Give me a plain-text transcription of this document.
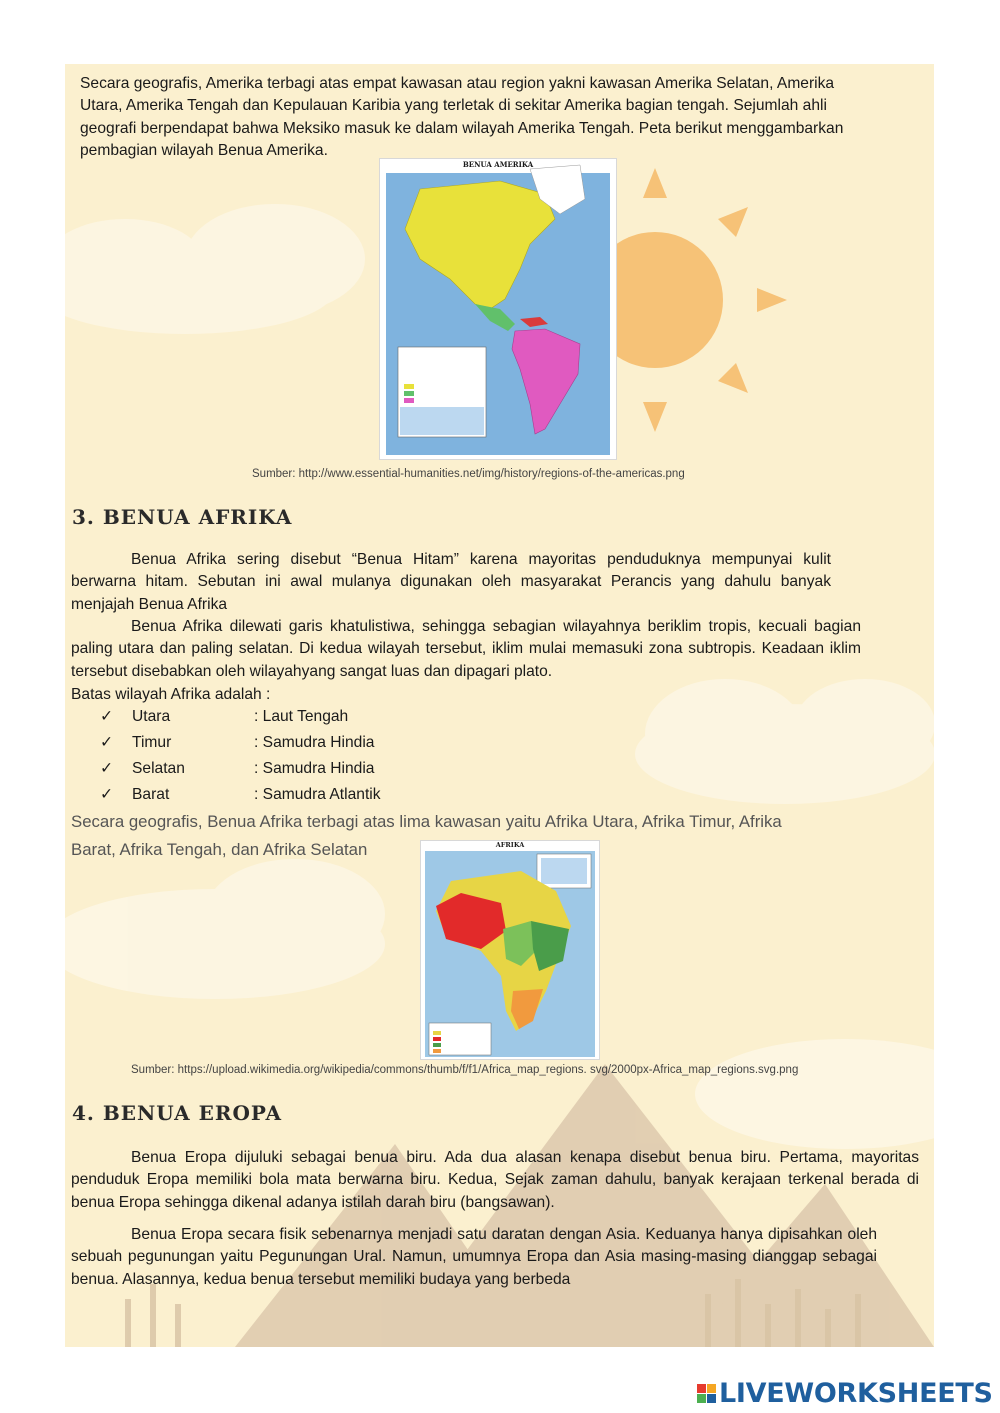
Secara geografis, Amerika terbagi atas empat kawasan atau region yakni kawasan Amerika Selatan, Amerika Utara, Amerika Tengah dan Kepulauan Karibia yang terletak di sekitar Amerika bagian tengah. Sejumlah ahli geografi berpendapat bahwa Meksiko masuk ke dalam wilayah Amerika Tengah. Peta berikut menggambarkan pembagian wilayah Benua Amerika.

BENUA AMERIKA

Sumber: http://www.essential-humanities.net/img/history/regions-of-the-americas.png

3. BENUA AFRIKA

Benua Afrika sering disebut “Benua Hitam” karena mayoritas penduduknya mempunyai kulit berwarna hitam. Sebutan ini awal mulanya digunakan oleh masyarakat Perancis yang dahulu banyak menjajah Benua Afrika

Benua Afrika dilewati garis khatulistiwa, sehingga sebagian wilayahnya beriklim tropis, kecuali bagian paling utara dan paling selatan. Di kedua wilayah tersebut, iklim mulai memasuki zona subtropis. Keadaan iklim tersebut disebabkan oleh wilayahyang sangat luas dan dipagari plato.

Batas wilayah Afrika adalah :

✓	Utara	: Laut Tengah
✓	Timur	: Samudra Hindia
✓	Selatan	: Samudra Hindia
✓	Barat	: Samudra Atlantik

Secara geografis, Benua Afrika terbagi atas lima kawasan yaitu Afrika Utara, Afrika Timur, Afrika

Barat, Afrika Tengah, dan Afrika Selatan	AFRIKA

Sumber: https://upload.wikimedia.org/wikipedia/commons/thumb/f/f1/Africa_map_regions. svg/2000px-Africa_map_regions.svg.png

4. BENUA EROPA

Benua Eropa dijuluki sebagai benua biru. Ada dua alasan kenapa disebut benua biru. Pertama, mayoritas penduduk Eropa memiliki bola mata berwarna biru. Kedua, Sejak zaman dahulu, banyak kerajaan terkenal berada di benua Eropa sehingga dikenal adanya istilah darah biru (bangsawan).

Benua Eropa secara fisik sebenarnya menjadi satu daratan dengan Asia. Keduanya hanya dipisahkan oleh sebuah pegunungan yaitu Pegunungan Ural. Namun, umumnya Eropa dan Asia masing-masing dianggap sebagai benua. Alasannya, kedua benua tersebut memiliki budaya yang berbeda

LIVEWORKSHEETS
